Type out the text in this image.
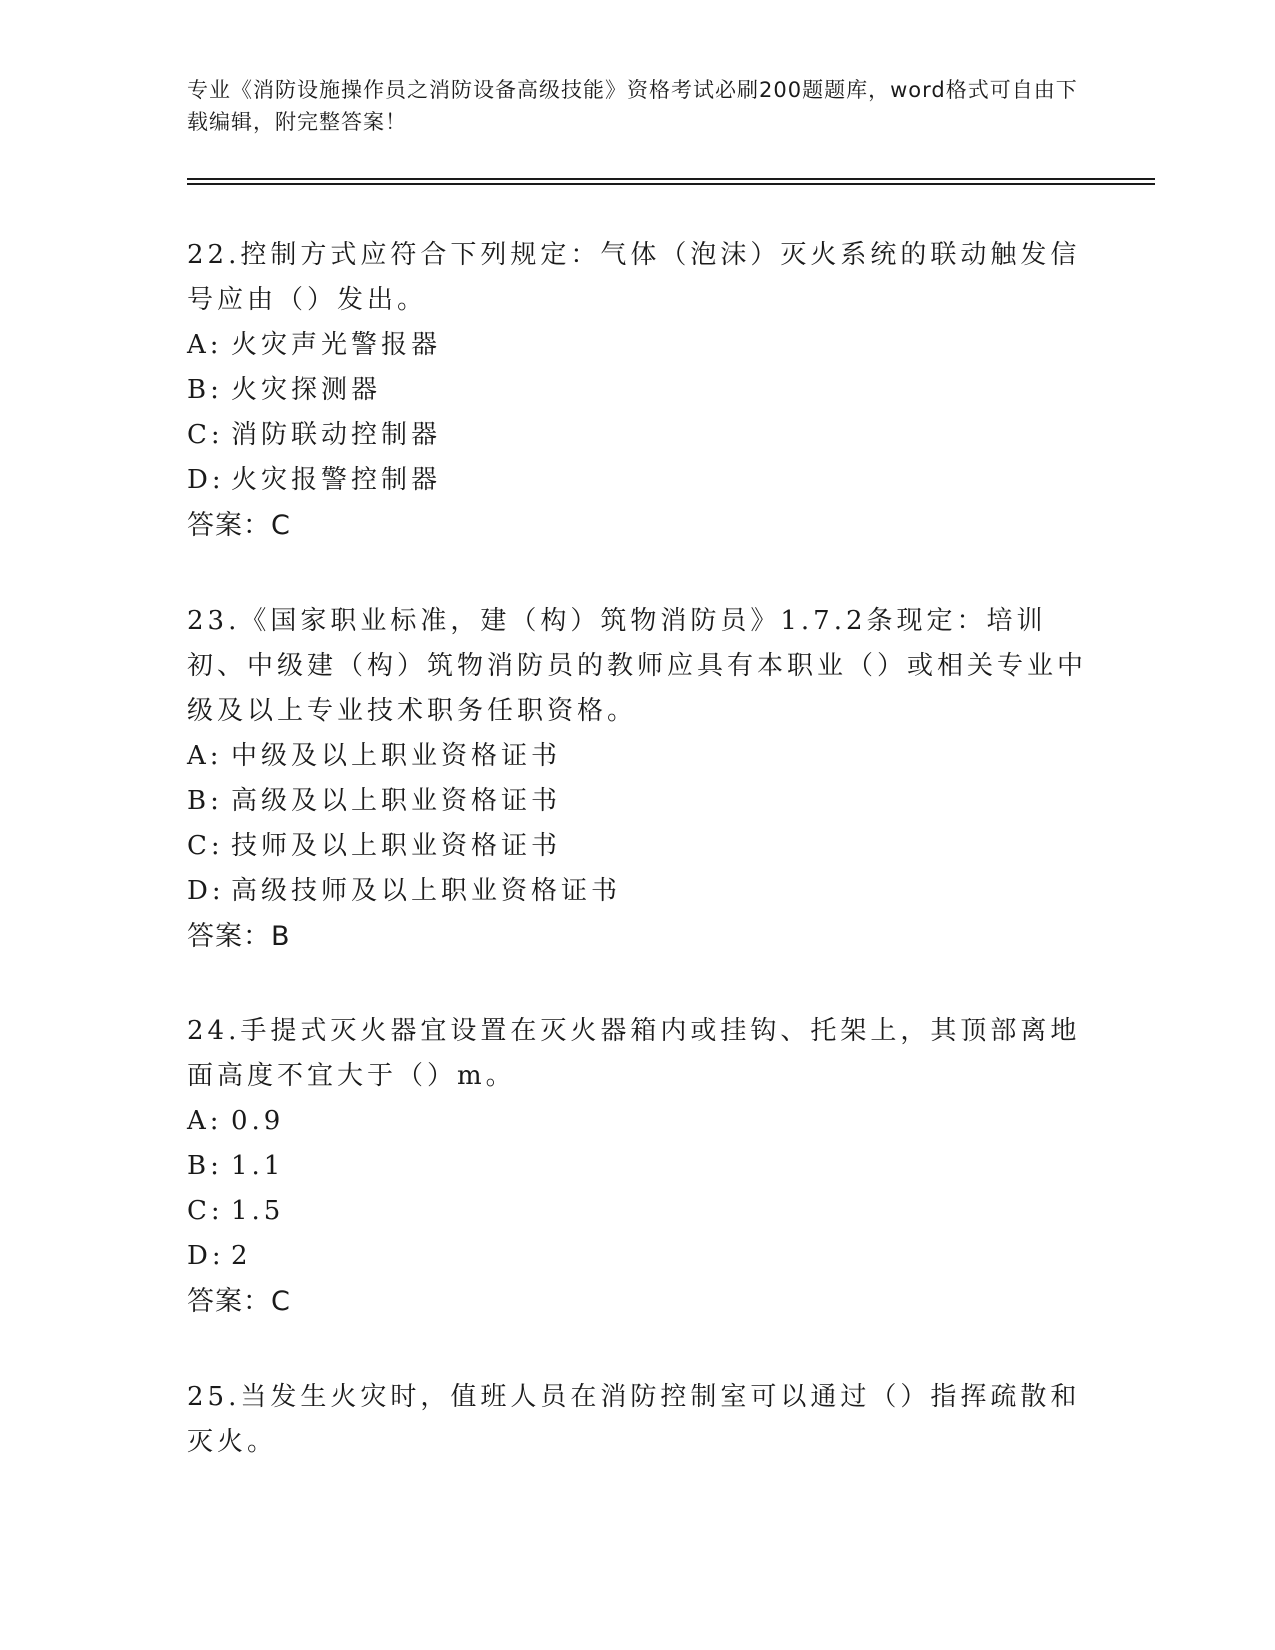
专业《消防设施操作员之消防设备高级技能》资格考试必刷200题题库，word格式可自由下载编辑，附完整答案！

22.控制方式应符合下列规定：气体（泡沫）灭火系统的联动触发信号应由（）发出。

A: 火灾声光警报器

B: 火灾探测器

C: 消防联动控制器

D: 火灾报警控制器

答案：C

23.《国家职业标准，建（构）筑物消防员》1.7.2条现定：培训初、中级建（构）筑物消防员的教师应具有本职业（）或相关专业中级及以上专业技术职务任职资格。

A: 中级及以上职业资格证书

B: 高级及以上职业资格证书

C: 技师及以上职业资格证书

D: 高级技师及以上职业资格证书

答案：B

24.手提式灭火器宜设置在灭火器箱内或挂钩、托架上，其顶部离地面高度不宜大于（）m。

A: 0.9

B: 1.1

C: 1.5

D: 2

答案：C

25.当发生火灾时，值班人员在消防控制室可以通过（）指挥疏散和灭火。
